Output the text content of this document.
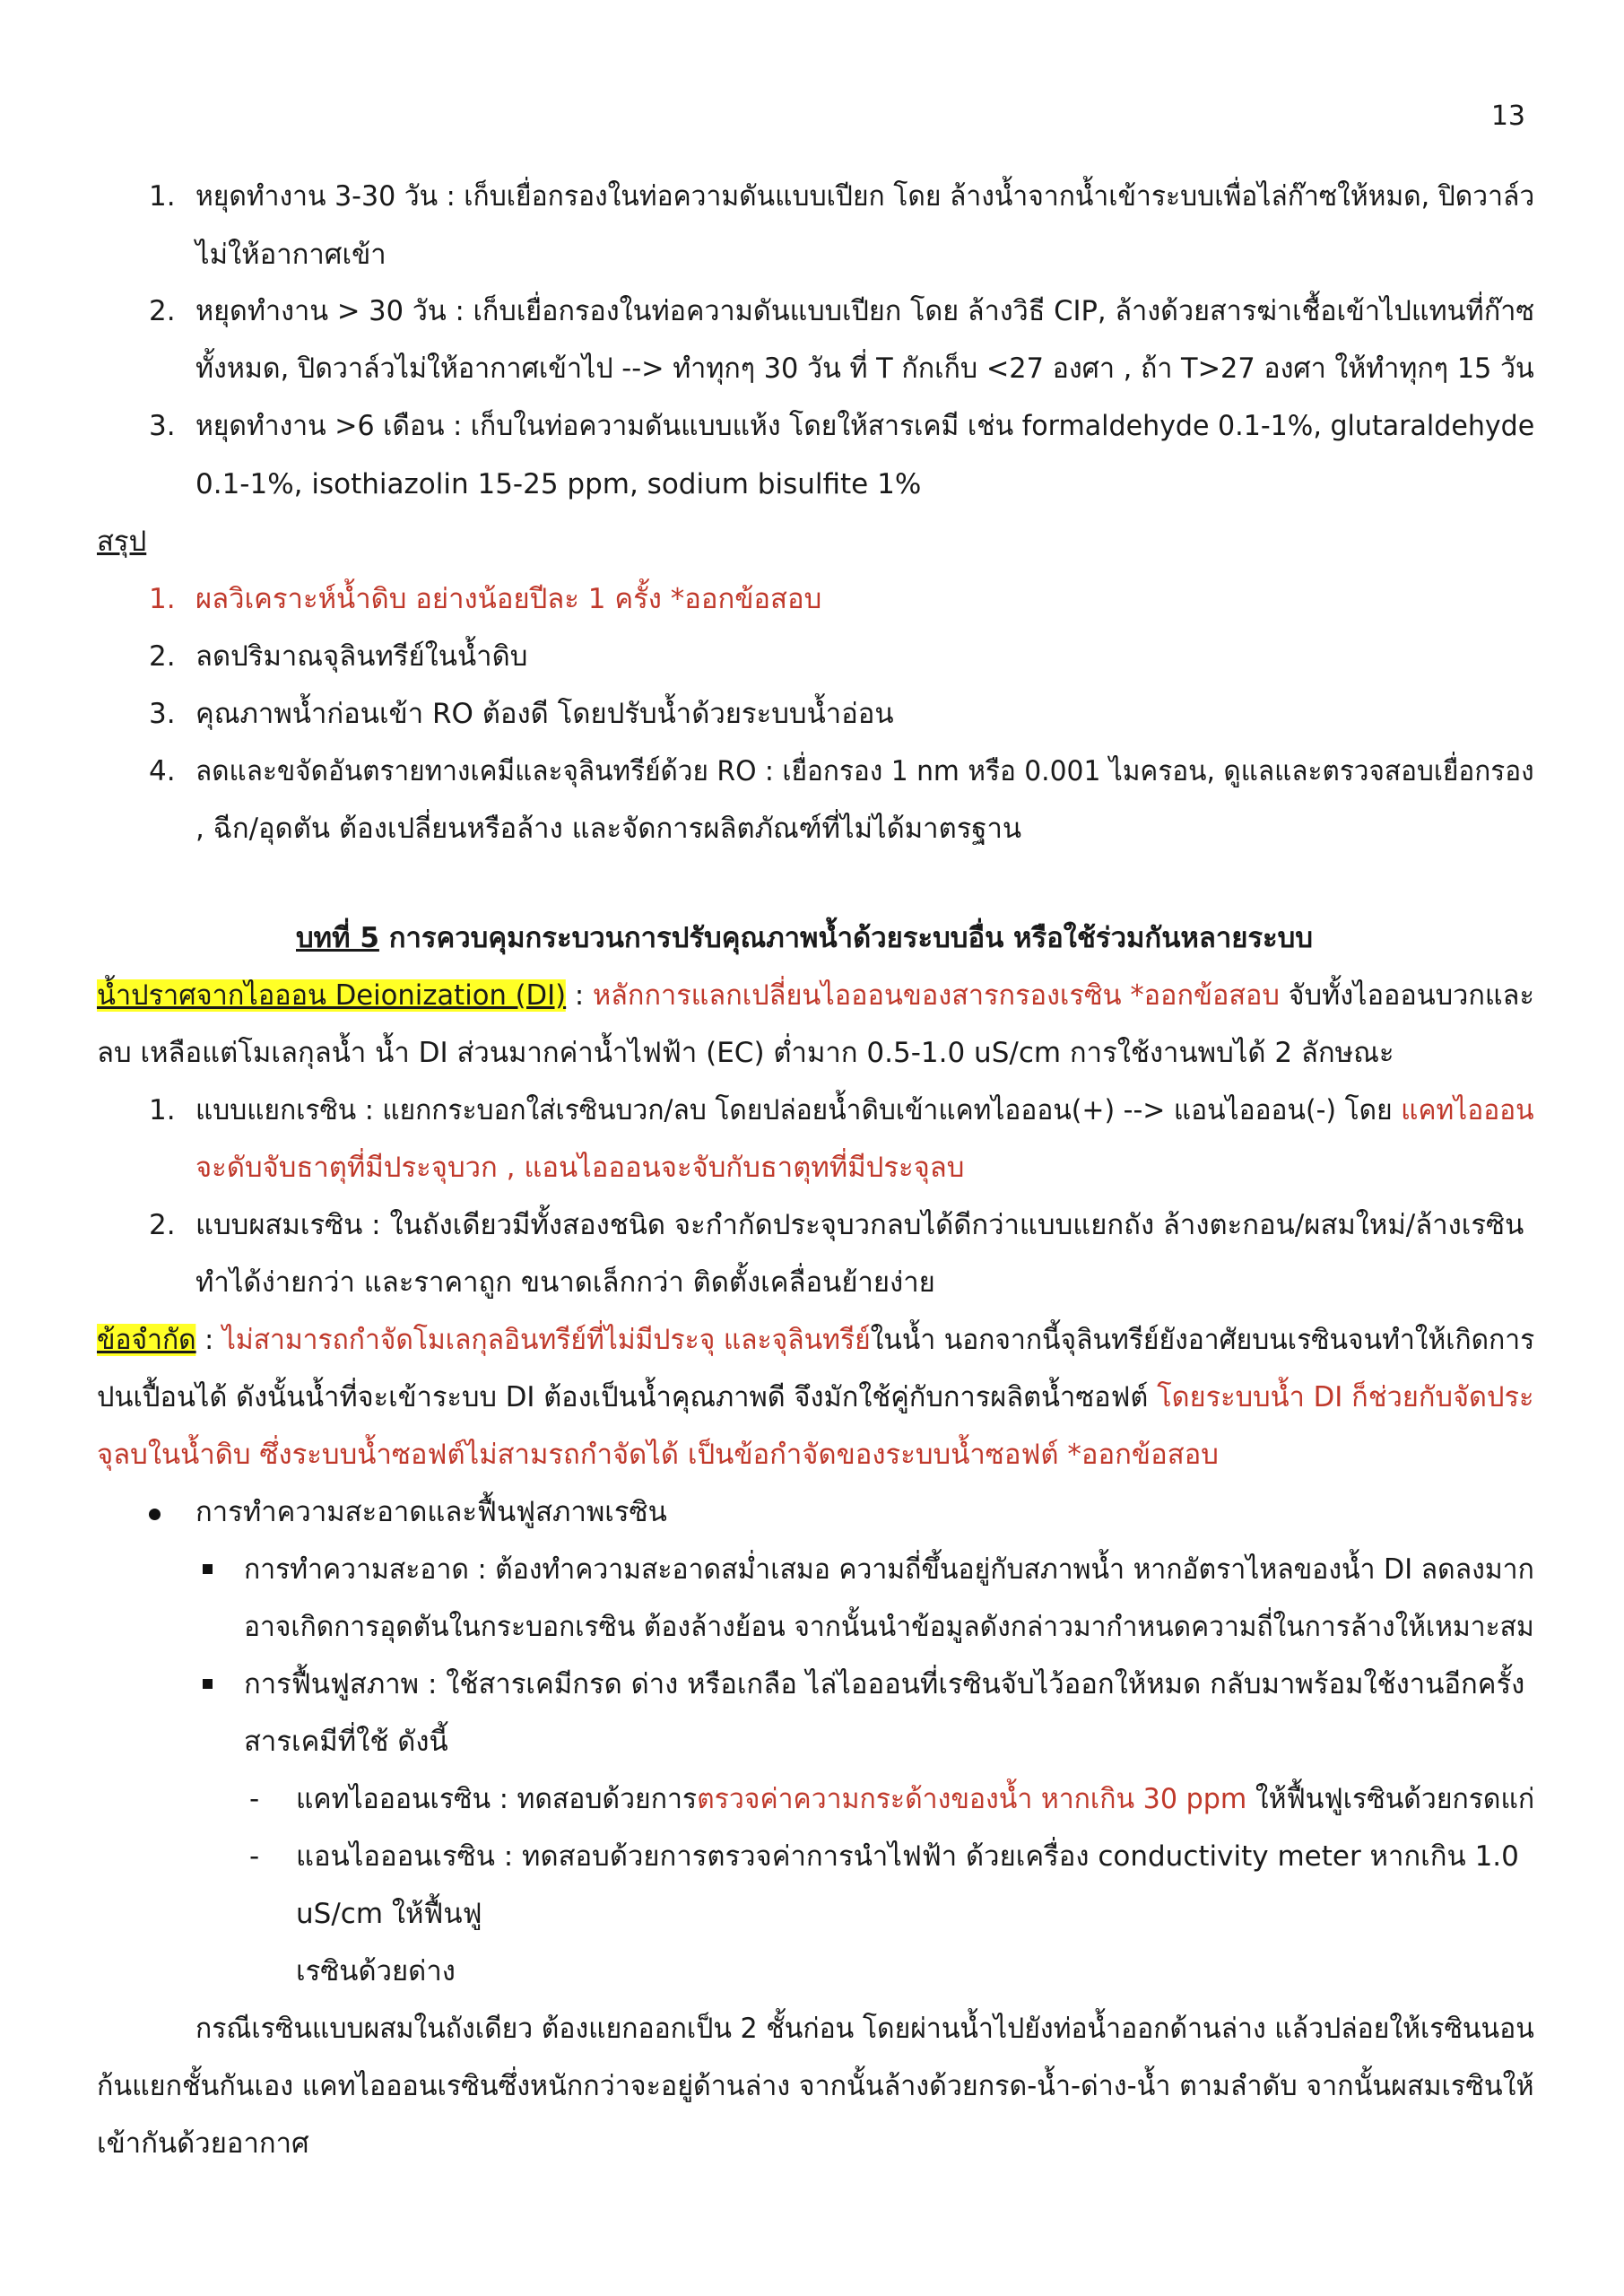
13
1. หยุดทำงาน 3-30 วัน : เก็บเยื่อกรองในท่อความดันแบบเปียก โดย ล้างน้ำจากน้ำเข้าระบบเพื่อไล่ก๊าซให้หมด, ปิดวาล์ว
ไม่ให้อากาศเข้า
2. หยุดทำงาน > 30 วัน : เก็บเยื่อกรองในท่อความดันแบบเปียก โดย ล้างวิธี CIP, ล้างด้วยสารฆ่าเชื้อเข้าไปแทนที่ก๊าซ
ทั้งหมด, ปิดวาล์วไม่ให้อากาศเข้าไป --> ทำทุกๆ 30 วัน ที่ T กักเก็บ <27 องศา , ถ้า T>27 องศา ให้ทำทุกๆ 15 วัน
3. หยุดทำงาน >6 เดือน : เก็บในท่อความดันแบบแห้ง โดยให้สารเคมี เช่น formaldehyde 0.1-1%, glutaraldehyde
0.1-1%, isothiazolin 15-25 ppm, sodium bisulfite 1%
สรุป
1. ผลวิเคราะห์น้ำดิบ อย่างน้อยปีละ 1 ครั้ง *ออกข้อสอบ
2. ลดปริมาณจุลินทรีย์ในน้ำดิบ
3. คุณภาพน้ำก่อนเข้า RO ต้องดี โดยปรับน้ำด้วยระบบน้ำอ่อน
4. ลดและขจัดอันตรายทางเคมีและจุลินทรีย์ด้วย RO : เยื่อกรอง 1 nm หรือ 0.001 ไมครอน, ดูแลและตรวจสอบเยื่อกรอง
, ฉีก/อุดตัน ต้องเปลี่ยนหรือล้าง และจัดการผลิตภัณฑ์ที่ไม่ได้มาตรฐาน
บทที่ 5 การควบคุมกระบวนการปรับคุณภาพน้ำด้วยระบบอื่น หรือใช้ร่วมกันหลายระบบ
น้ำปราศจากไอออน Deionization (DI) : หลักการแลกเปลี่ยนไอออนของสารกรองเรซิน *ออกข้อสอบ จับทั้งไอออนบวกและ
ลบ เหลือแต่โมเลกุลน้ำ น้ำ DI ส่วนมากค่าน้ำไฟฟ้า (EC) ต่ำมาก 0.5-1.0 uS/cm การใช้งานพบได้ 2 ลักษณะ
1. แบบแยกเรซิน : แยกกระบอกใส่เรซินบวก/ลบ โดยปล่อยน้ำดิบเข้าแคทไอออน(+) --> แอนไอออน(-) โดย แคทไอออน
จะดับจับธาตุที่มีประจุบวก , แอนไอออนจะจับกับธาตุทที่มีประจุลบ
2. แบบผสมเรซิน : ในถังเดียวมีทั้งสองชนิด จะกำกัดประจุบวกลบได้ดีกว่าแบบแยกถัง ล้างตะกอน/ผสมใหม่/ล้างเรซิน
ทำได้ง่ายกว่า และราคาถูก ขนาดเล็กกว่า ติดตั้งเคลื่อนย้ายง่าย
ข้อจำกัด : ไม่สามารถกำจัดโมเลกุลอินทรีย์ที่ไม่มีประจุ และจุลินทรีย์ในน้ำ นอกจากนี้จุลินทรีย์ยังอาศัยบนเรซินจนทำให้เกิดการ
ปนเปื้อนได้ ดังนั้นน้ำที่จะเข้าระบบ DI ต้องเป็นน้ำคุณภาพดี จึงมักใช้คู่กับการผลิตน้ำซอฟต์ โดยระบบน้ำ DI ก็ช่วยกับจัดประ
จุลบในน้ำดิบ ซึ่งระบบน้ำซอฟต์ไม่สามรถกำจัดได้ เป็นข้อกำจัดของระบบน้ำซอฟต์ *ออกข้อสอบ
การทำความสะอาดและฟื้นฟูสภาพเรซิน
การทำความสะอาด : ต้องทำความสะอาดสม่ำเสมอ ความถี่ขึ้นอยู่กับสภาพน้ำ หากอัตราไหลของน้ำ DI ลดลงมาก
อาจเกิดการอุดตันในกระบอกเรซิน ต้องล้างย้อน จากนั้นนำข้อมูลดังกล่าวมากำหนดความถี่ในการล้างให้เหมาะสม
การฟื้นฟูสภาพ : ใช้สารเคมีกรด ด่าง หรือเกลือ ไล่ไอออนที่เรซินจับไว้ออกให้หมด กลับมาพร้อมใช้งานอีกครั้ง
สารเคมีที่ใช้ ดังนี้
- แคทไอออนเรซิน : ทดสอบด้วยการตรวจค่าความกระด้างของน้ำ หากเกิน 30 ppm ให้ฟื้นฟูเรซินด้วยกรดแก่
- แอนไอออนเรซิน : ทดสอบด้วยการตรวจค่าการนำไฟฟ้า ด้วยเครื่อง conductivity meter หากเกิน 1.0
uS/cm ให้ฟื้นฟู
เรซินด้วยด่าง
กรณีเรซินแบบผสมในถังเดียว ต้องแยกออกเป็น 2 ชั้นก่อน โดยผ่านน้ำไปยังท่อน้ำออกด้านล่าง แล้วปล่อยให้เรซินนอน
ก้นแยกชั้นกันเอง แคทไอออนเรซินซึ่งหนักกว่าจะอยู่ด้านล่าง จากนั้นล้างด้วยกรด-น้ำ-ด่าง-น้ำ ตามลำดับ จากนั้นผสมเรซินให้
เข้ากันด้วยอากาศ
